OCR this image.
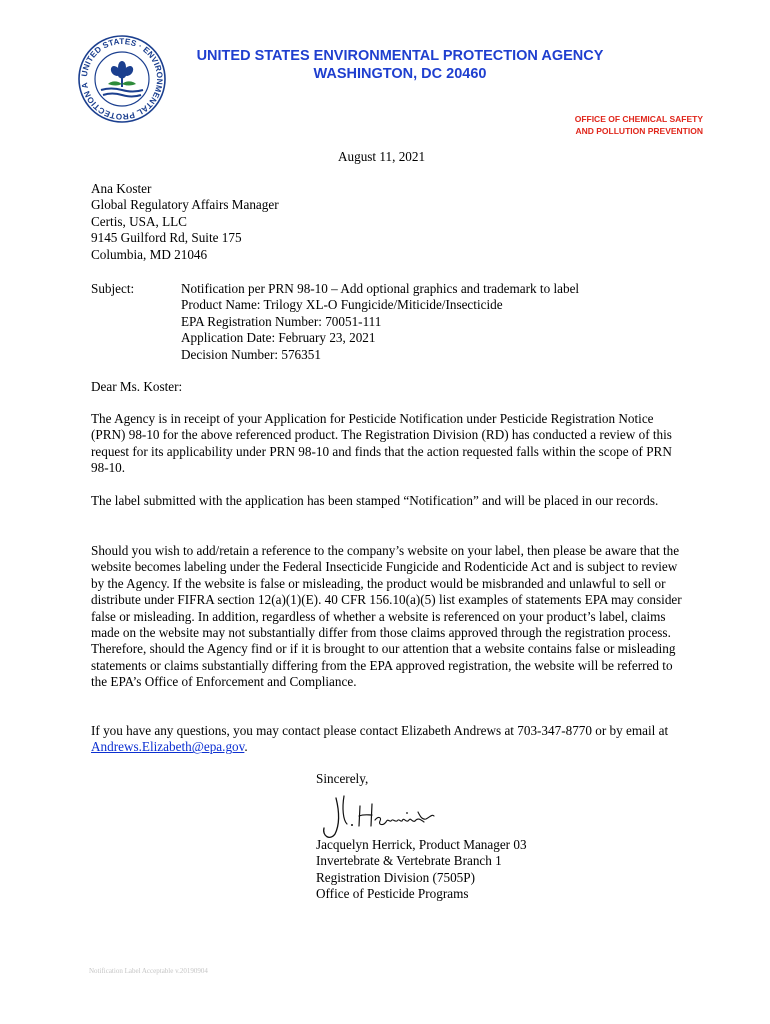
UNITED STATES · ENVIRONMENTAL PROTECTION A
UNITED STATES ENVIRONMENTAL PROTECTION AGENCY
WASHINGTON, DC 20460
OFFICE OF CHEMICAL SAFETY
AND POLLUTION PREVENTION
August 11, 2021
Ana Koster
Global Regulatory Affairs Manager
Certis, USA, LLC
9145 Guilford Rd, Suite 175
Columbia, MD 21046
Subject:	Notification per PRN 98-10 – Add optional graphics and trademark to label
Product Name: Trilogy XL-O Fungicide/Miticide/Insecticide
EPA Registration Number: 70051-111
Application Date: February 23, 2021
Decision Number: 576351
Dear Ms. Koster:
The Agency is in receipt of your Application for Pesticide Notification under Pesticide Registration Notice (PRN) 98-10 for the above referenced product. The Registration Division (RD) has conducted a review of this request for its applicability under PRN 98-10 and finds that the action requested falls within the scope of PRN 98-10.
The label submitted with the application has been stamped “Notification” and will be placed in our records.
Should you wish to add/retain a reference to the company’s website on your label, then please be aware that the website becomes labeling under the Federal Insecticide Fungicide and Rodenticide Act and is subject to review by the Agency. If the website is false or misleading, the product would be misbranded and unlawful to sell or distribute under FIFRA section 12(a)(1)(E). 40 CFR 156.10(a)(5) list examples of statements EPA may consider false or misleading. In addition, regardless of whether a website is referenced on your product’s label, claims made on the website may not substantially differ from those claims approved through the registration process. Therefore, should the Agency find or if it is brought to our attention that a website contains false or misleading statements or claims substantially differing from the EPA approved registration, the website will be referred to the EPA’s Office of Enforcement and Compliance.
If you have any questions, you may contact please contact Elizabeth Andrews at 703-347-8770 or by email at Andrews.Elizabeth@epa.gov.
Sincerely,
Jacquelyn Herrick, Product Manager 03
Invertebrate & Vertebrate Branch 1
Registration Division (7505P)
Office of Pesticide Programs
Notification Label Acceptable v.20190904
